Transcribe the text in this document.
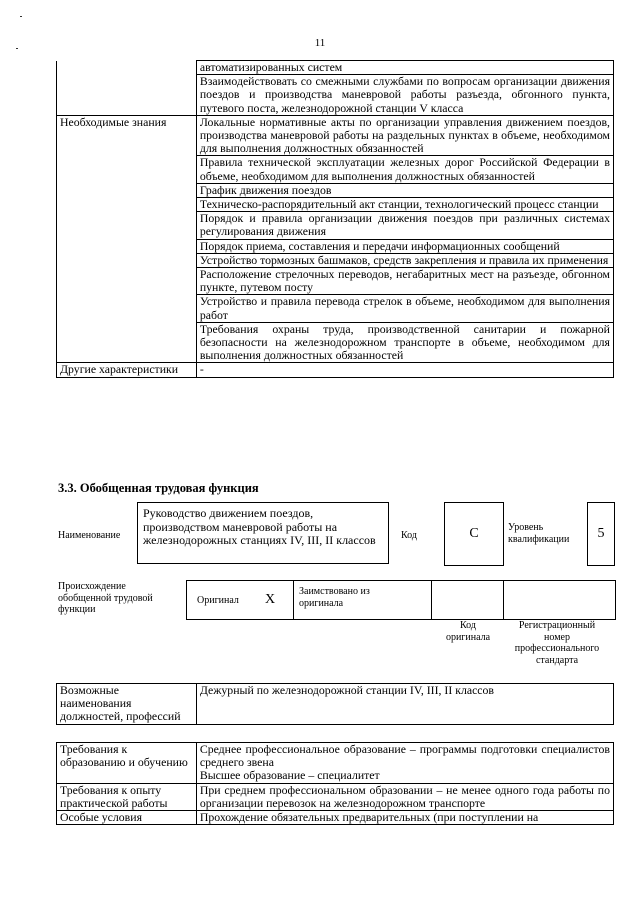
11
	автоматизированных систем
	Взаимодействовать со смежными службами по вопросам организации движения поездов и производства маневровой работы разъезда, обгонного пункта, путевого поста, железнодорожной станции V класса
Необходимые знания	Локальные нормативные акты по организации управления движением поездов, производства маневровой работы на раздельных пунктах в объеме, необходимом для выполнения должностных обязанностей
	Правила технической эксплуатации железных дорог Российской Федерации в объеме, необходимом для выполнения должностных обязанностей
	График движения поездов
	Техническо-распорядительный акт станции, технологический процесс станции
	Порядок и правила организации движения поездов при различных системах регулирования движения
	Порядок приема, составления и передачи информационных сообщений
	Устройство тормозных башмаков, средств закрепления и правила их применения
	Расположение стрелочных переводов, негабаритных мест на разъезде, обгонном пункте, путевом посту
	Устройство и правила перевода стрелок в объеме, необходимом для выполнения работ
	Требования охраны труда, производственной санитарии и пожарной безопасности на железнодорожном транспорте в объеме, необходимом для выполнения должностных обязанностей
Другие характеристики	-
3.3. Обобщенная трудовая функция
Наименование
Руководство движением поездов, производством маневровой работы на железнодорожных станциях IV, III, II классов	Код	C	Уровень квалификации	5
Происхождение обобщенной трудовой функции
Оригинал X
Заимствовано из оригинала
Код оригинала
Регистрационный номер профессионального стандарта
Возможные наименования должностей, профессий	Дежурный по железнодорожной станции IV, III, II классов
Требования к образованию и обучению	Среднее профессиональное образование – программы подготовки специалистов среднего звена
Высшее образование – специалитет
Требования к опыту практической работы	При среднем профессиональном образовании – не менее одного года работы по организации перевозок на железнодорожном транспорте
Особые условия	Прохождение обязательных предварительных (при поступлении на
